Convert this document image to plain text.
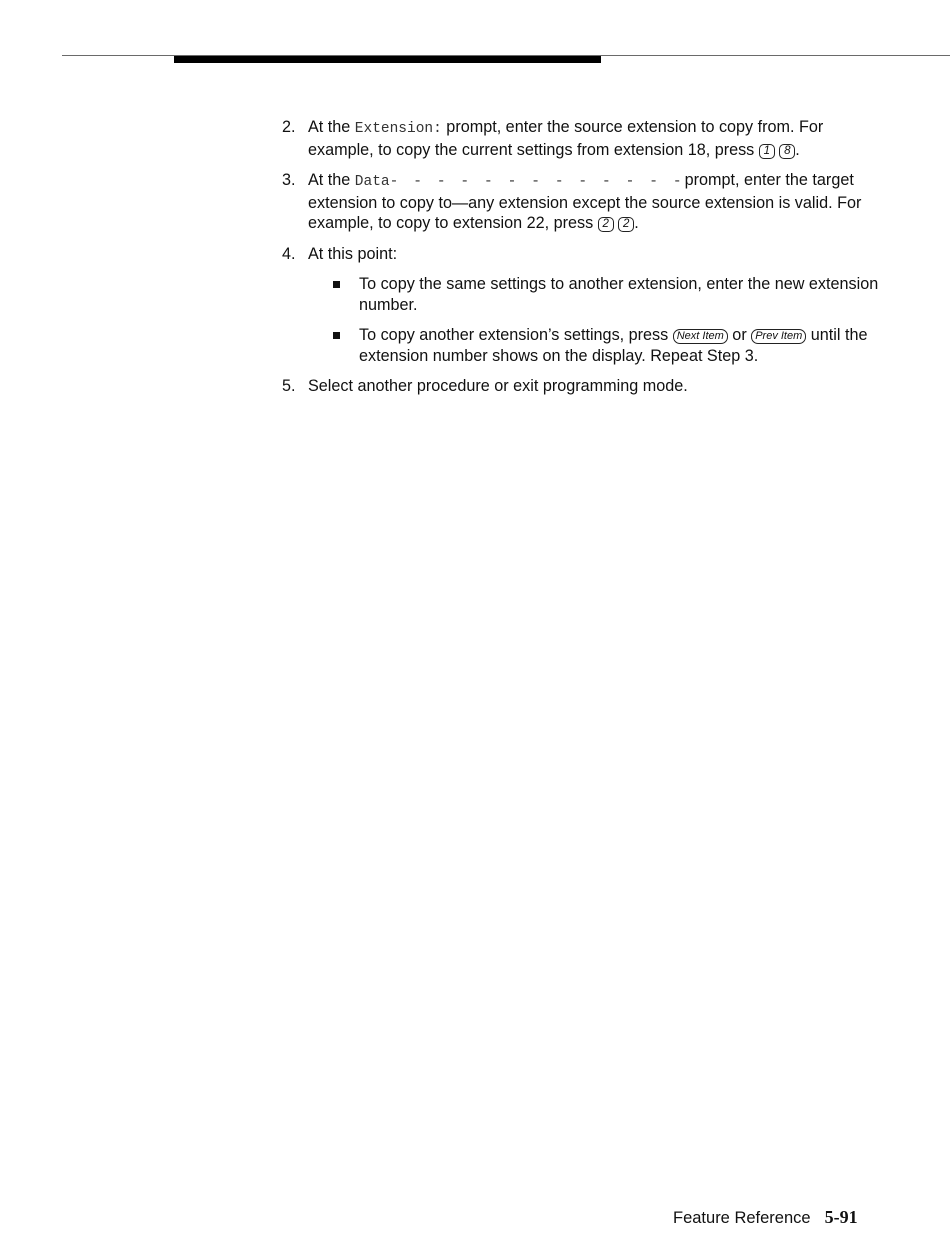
2. At the Extension: prompt, enter the source extension to copy from. For example, to copy the current settings from extension 18, press 1 8 .
3. At the Data- - - - - - - - - - - - -prompt, enter the target extension to copy to—any extension except the source extension is valid. For example, to copy to extension 22, press 2 2 .
4. At this point:
To copy the same settings to another extension, enter the new extension number.
To copy another extension’s settings, press Next Item or Prev Item until the extension number shows on the display. Repeat Step 3.
5. Select another procedure or exit programming mode.
Feature Reference 5-91
